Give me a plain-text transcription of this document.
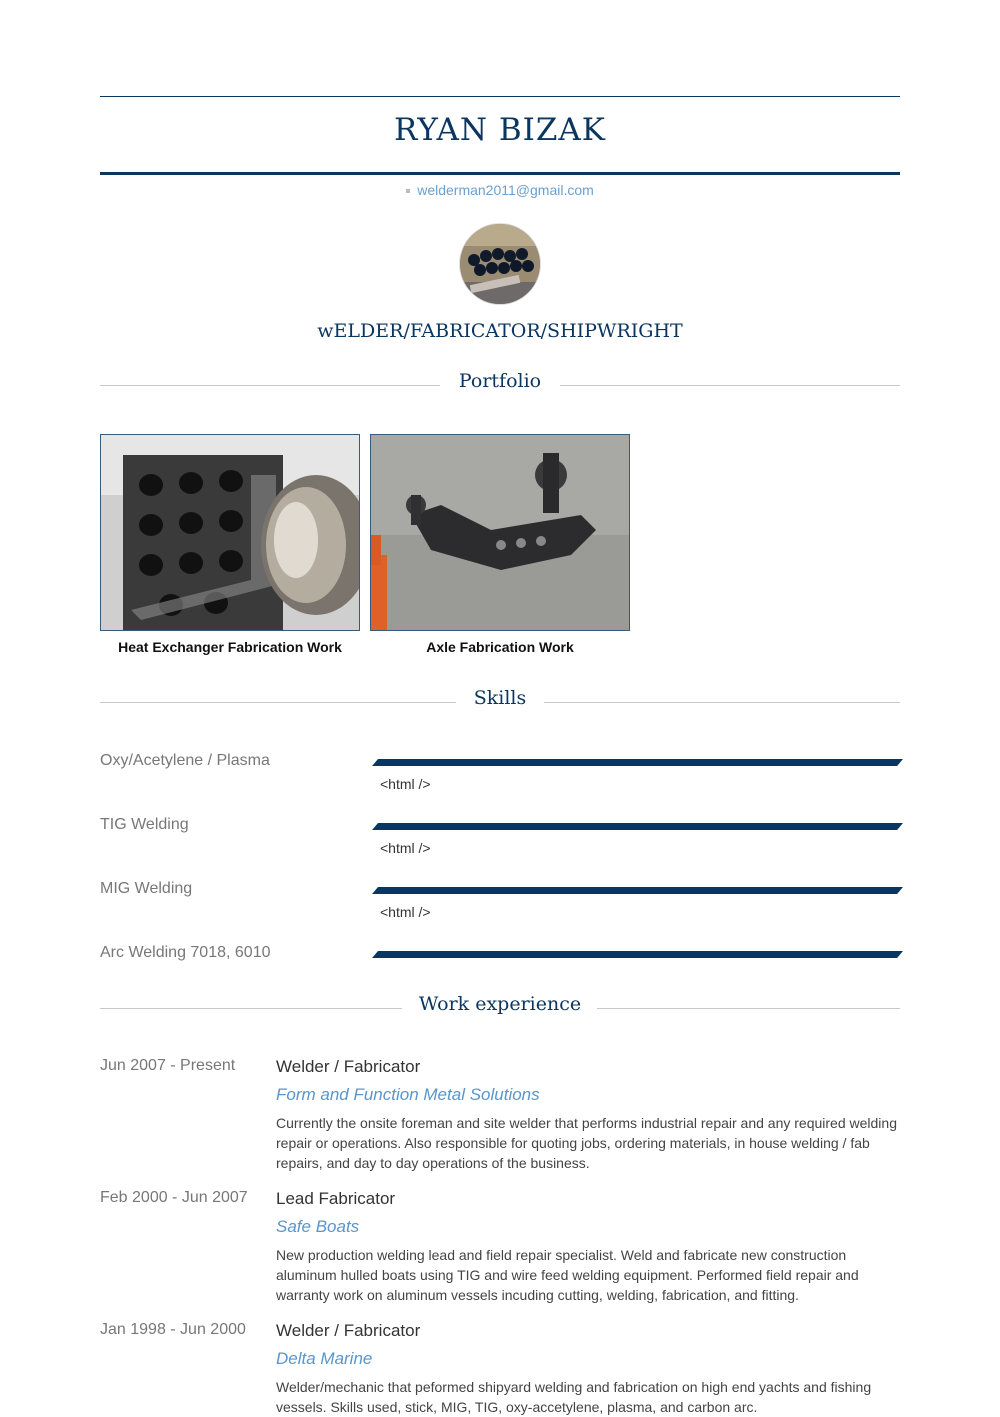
RYAN BIZAK
welderman2011@gmail.com
wELDER/FABRICATOR/SHIPWRIGHT
Portfolio
Heat Exchanger Fabrication Work	Axle Fabrication Work
Skills
Oxy/Acetylene / Plasma
<html />
TIG Welding
<html />
MIG Welding
<html />
Arc Welding 7018, 6010
Work experience
Jun 2007 - Present Welder / Fabricator
Form and Function Metal Solutions
Currently the onsite foreman and site welder that performs industrial repair and any required welding repair or operations. Also responsible for quoting jobs, ordering materials, in house welding / fab repairs, and day to day operations of the business.
Feb 2000 - Jun 2007 Lead Fabricator
Safe Boats
New production welding lead and field repair specialist. Weld and fabricate new construction aluminum hulled boats using TIG and wire feed welding equipment. Performed field repair and warranty work on aluminum vessels incuding cutting, welding, fabrication, and fitting.
Jan 1998 - Jun 2000 Welder / Fabricator
Delta Marine
Welder/mechanic that peformed shipyard welding and fabrication on high end yachts and fishing vessels. Skills used, stick, MIG, TIG, oxy-accetylene, plasma, and carbon arc.
